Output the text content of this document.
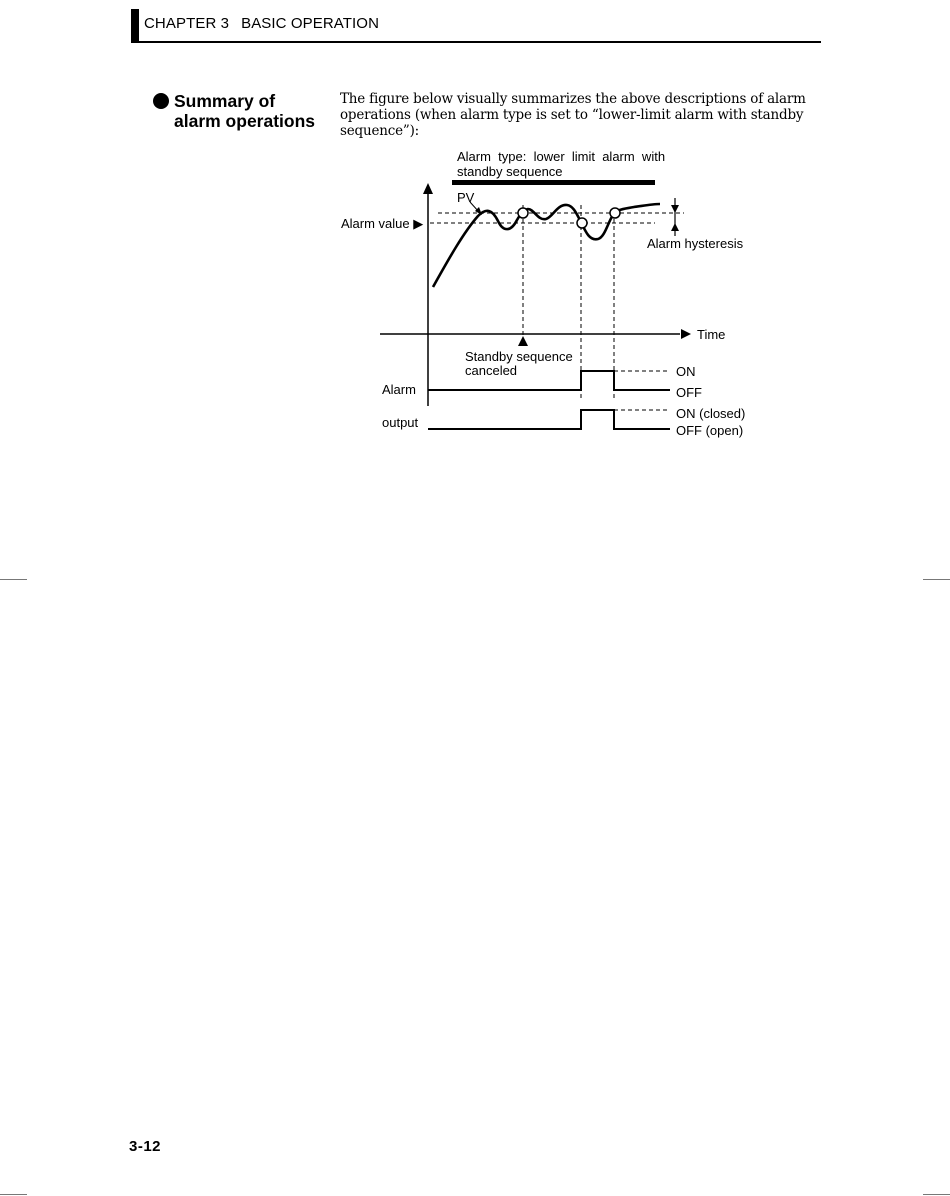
CHAPTER 3 BASIC OPERATION
Summary of
alarm operations
The figure below visually summarizes the above descriptions of alarm
operations (when alarm type is set to “lower-limit alarm with standby
sequence”):
Alarm  type:  lower  limit  alarm  with
standby sequence
Time
Alarm value ▶
Alarm hysteresis
PV
Standby sequence
canceled
Alarm
ON
OFF
output
ON (closed)
OFF (open)
3-12
